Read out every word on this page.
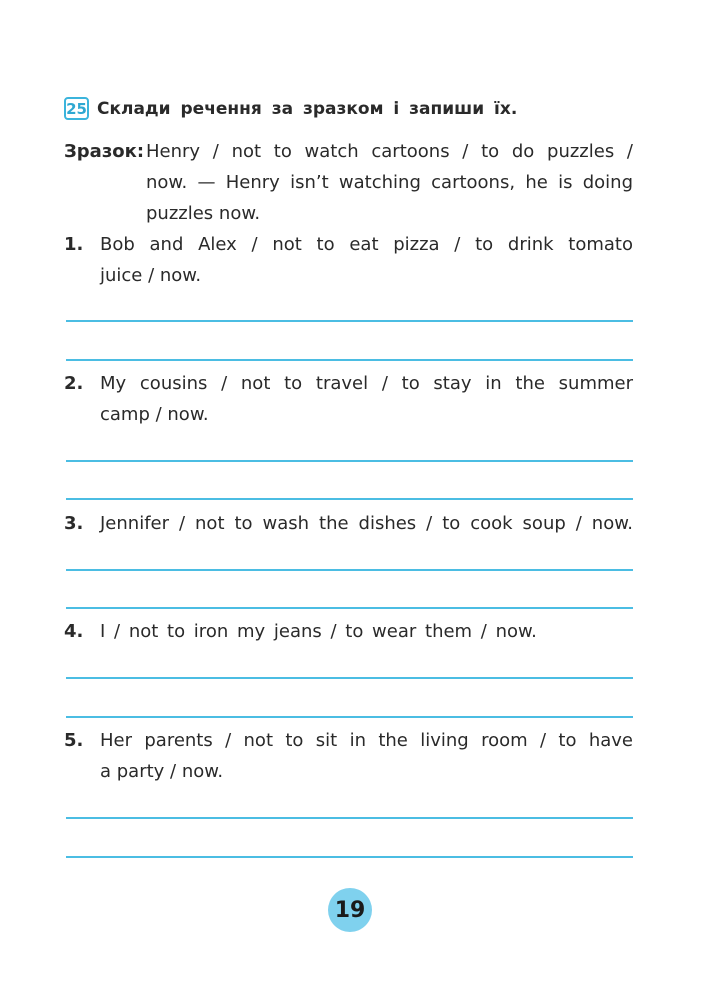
25 Склади речення за зразком і запиши їх.
Зразок: Henry / not to watch cartoons / to do puzzles /
now. — Henry isn’t watching cartoons, he is doing
puzzles now.
1. Bob and Alex / not to eat pizza / to drink tomato
juice / now.
2. My cousins / not to travel / to stay in the summer
camp / now.
3. Jennifer / not to wash the dishes / to cook soup / now.
4. I / not to iron my jeans / to wear them / now.
5. Her parents / not to sit in the living room / to have
a party / now.
19
